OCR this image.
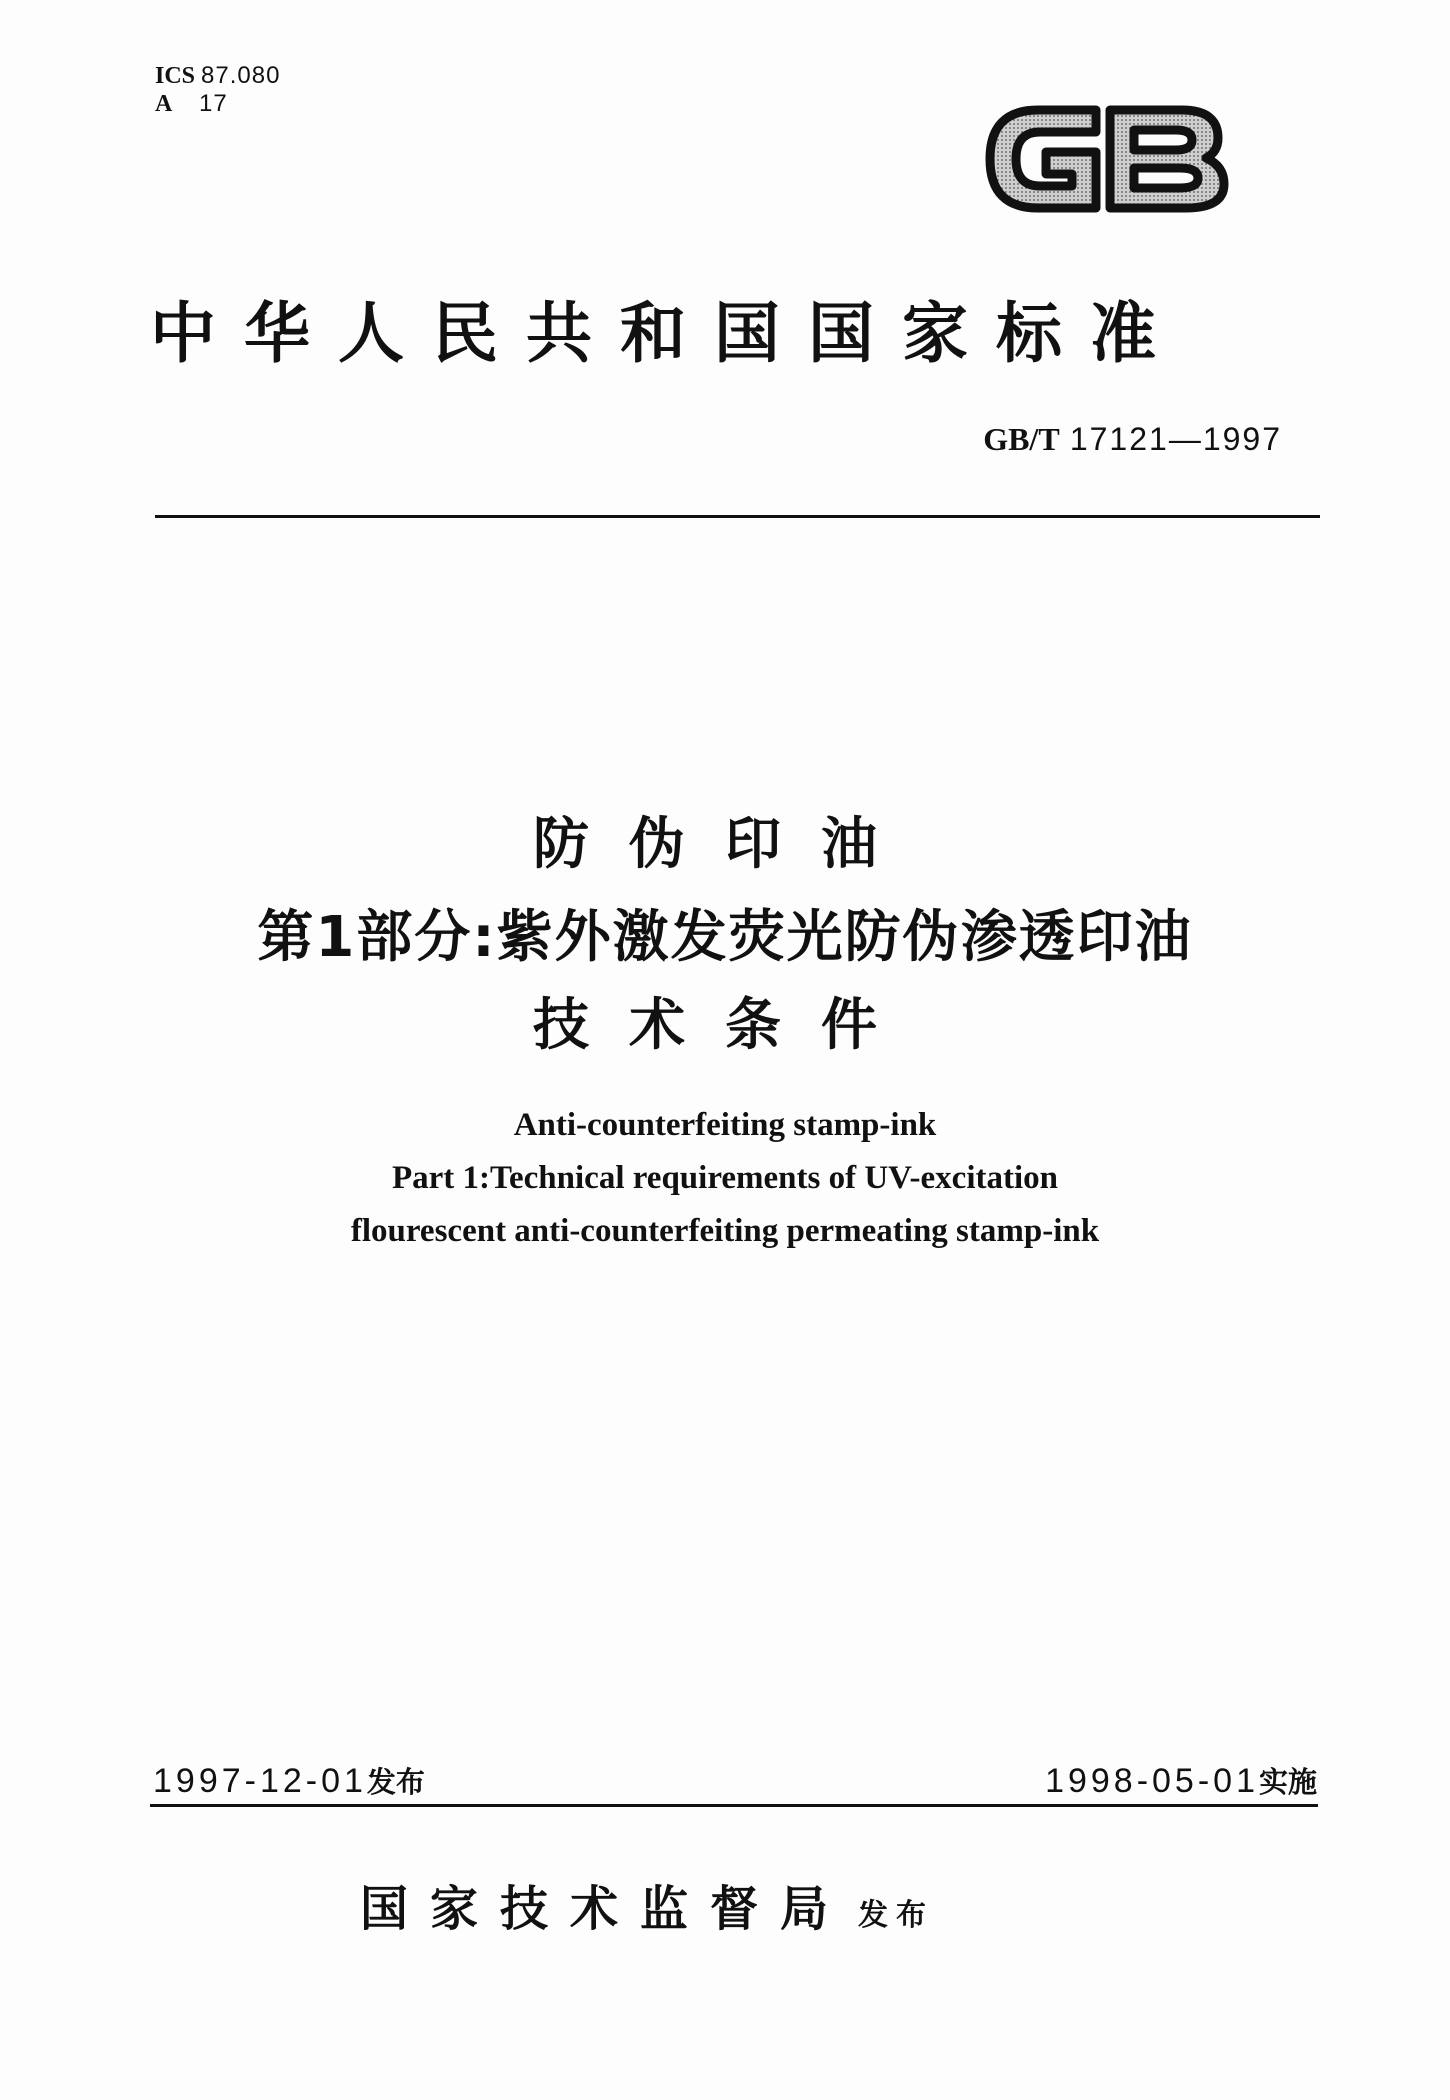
ICS 87.080
A 17
中华人民共和国国家标准
GB/T 17121—1997
防伪印油
第1部分:紫外激发荧光防伪渗透印油
技术条件
Anti-counterfeiting stamp-ink
Part 1:Technical requirements of UV-excitation
flourescent anti-counterfeiting permeating stamp-ink
1997-12-01发布	1998-05-01实施
国家技术监督局 发布
